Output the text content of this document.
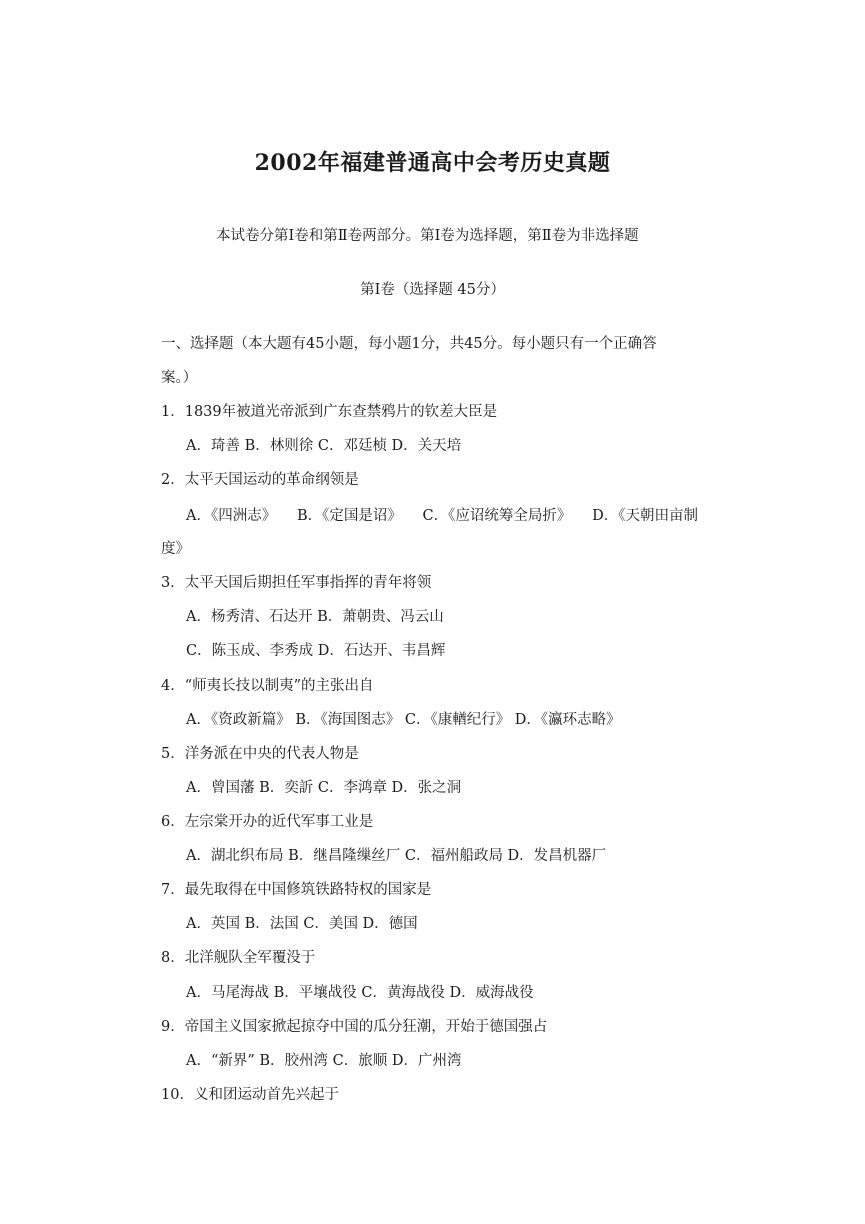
2002年福建普通高中会考历史真题
本试卷分第Ⅰ卷和第Ⅱ卷两部分。第Ⅰ卷为选择题，第Ⅱ卷为非选择题
第Ⅰ卷（选择题 45分）
一、选择题（本大题有45小题，每小题1分，共45分。每小题只有一个正确答
案。）
1．1839年被道光帝派到广东查禁鸦片的钦差大臣是
A．琦善 B．林则徐 C．邓廷桢 D．关天培
2．太平天国运动的革命纲领是
A．《四洲志》 B．《定国是诏》 C．《应诏统筹全局折》 D．《天朝田亩制
度》
3．太平天国后期担任军事指挥的青年将领
A．杨秀清、石达开 B．萧朝贵、冯云山
C．陈玉成、李秀成 D．石达开、韦昌辉
4．“师夷长技以制夷”的主张出自
A．《资政新篇》 B．《海国图志》 C．《康輶纪行》 D．《瀛环志略》
5．洋务派在中央的代表人物是
A．曾国藩 B．奕訢 C．李鸿章 D．张之洞
6．左宗棠开办的近代军事工业是
A．湖北织布局 B．继昌隆缫丝厂 C．福州船政局 D．发昌机器厂
7．最先取得在中国修筑铁路特权的国家是
A．英国 B．法国 C．美国 D．德国
8．北洋舰队全军覆没于
A．马尾海战 B．平壤战役 C．黄海战役 D．威海战役
9．帝国主义国家掀起掠夺中国的瓜分狂潮，开始于德国强占
A．“新界” B．胶州湾 C．旅顺 D．广州湾
10．义和团运动首先兴起于
